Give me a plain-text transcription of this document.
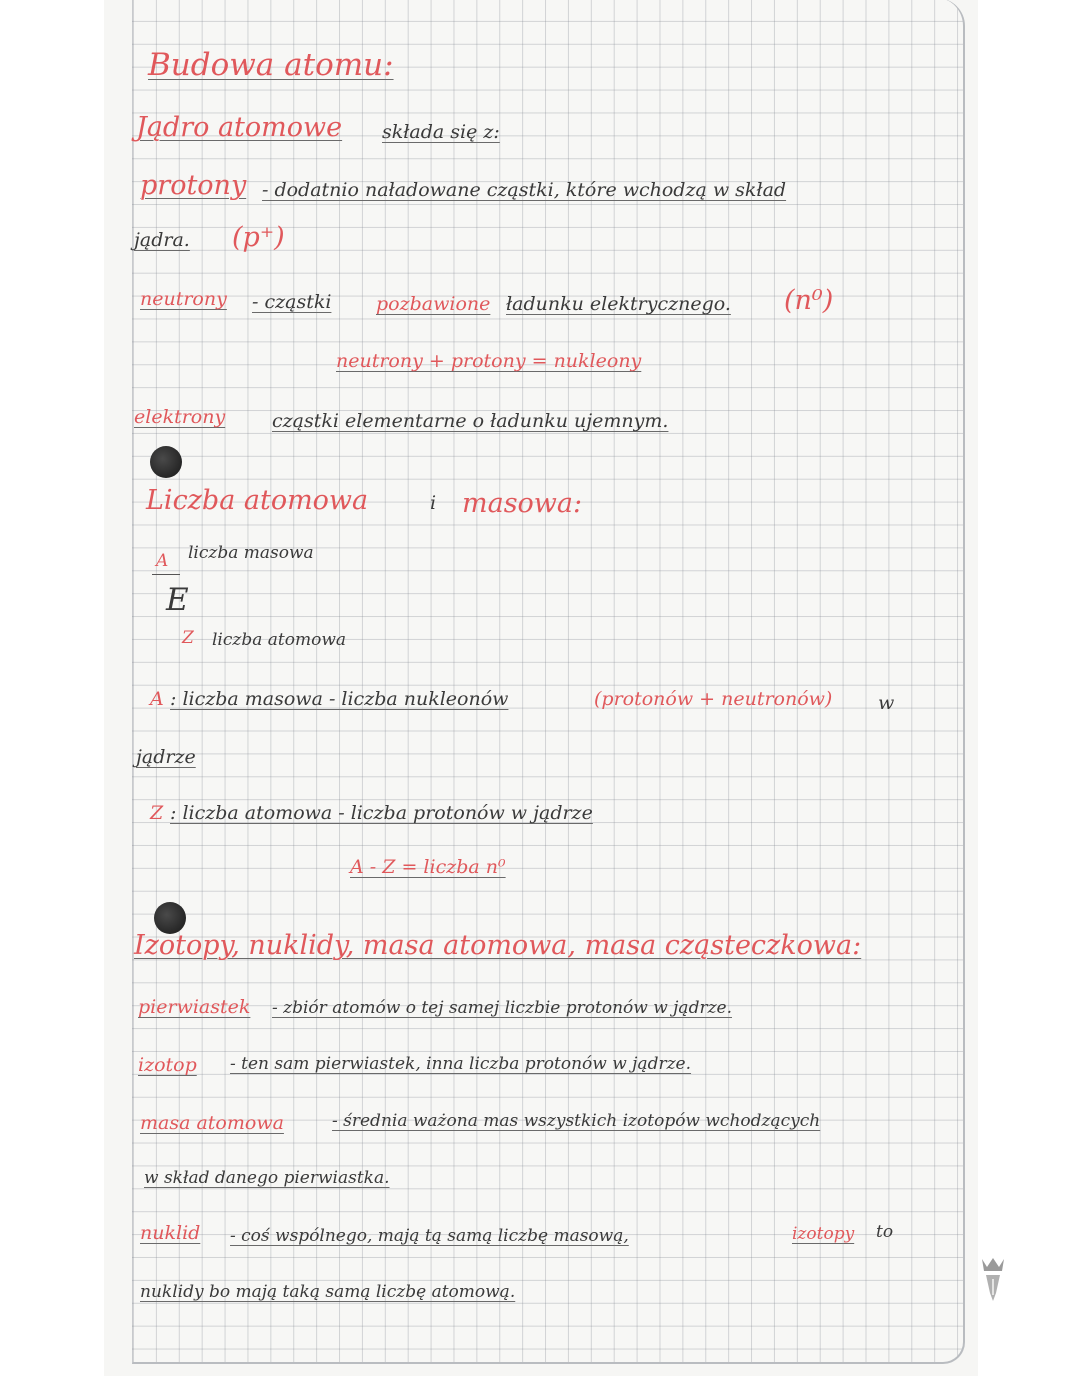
Budowa atomu:
Jądro atomowe składa się z:
protony - dodatnio naładowane cząstki, które wchodzą w skład
jądra. (p⁺)
neutrony - cząstki pozbawione ładunku elektrycznego. (n⁰)
neutrony + protony = nukleony
elektrony cząstki elementarne o ładunku ujemnym.
Liczba atomowa	i masowa:
A liczba masowa
E
Z liczba atomowa
A : liczba masowa - liczba nukleonów	(protonów + neutronów) w
jądrze
Z : liczba atomowa - liczba protonów w jądrze
A - Z = liczba n⁰
Izotopy, nuklidy, masa atomowa, masa cząsteczkowa:
pierwiastek - zbiór atomów o tej samej liczbie protonów w jądrze.
izotop - ten sam pierwiastek, inna liczba protonów w jądrze.
masa atomowa	- średnia ważona mas wszystkich izotopów wchodzących
w skład danego pierwiastka.
nuklid - coś wspólnego, mają tą samą liczbę masową,	izotopy to
nuklidy bo mają taką samą liczbę atomową.
